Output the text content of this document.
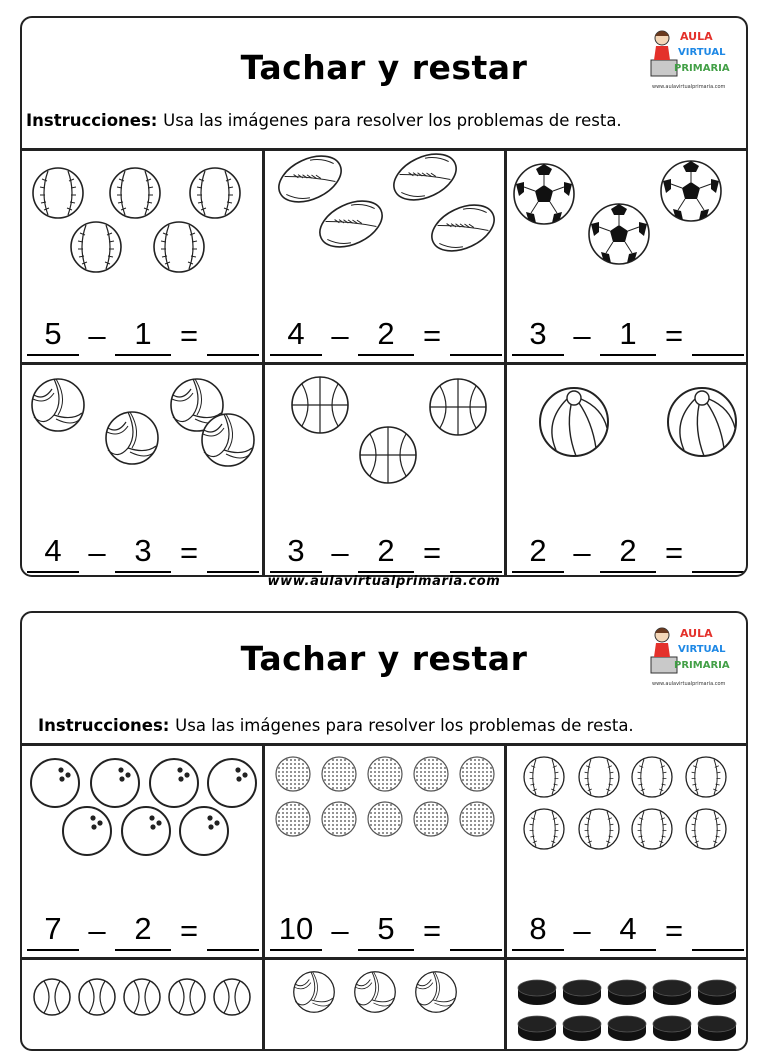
Tachar y restar
Instrucciones: Usa las imágenes para resolver los problemas de resta.
AULA
VIRTUAL
PRIMARIA
www.aulavirtualprimaria.com
5 – 1 =	4 – 2 =	3 – 1 =
4 – 3 =	3 – 2 =	2 – 2 =
www.aulavirtualprimaria.com
Tachar y restar
Instrucciones: Usa las imágenes para resolver los problemas de resta.
AULA
VIRTUAL
PRIMARIA
www.aulavirtualprimaria.com
7 – 2 =	10 – 5 =	8 – 4 =
